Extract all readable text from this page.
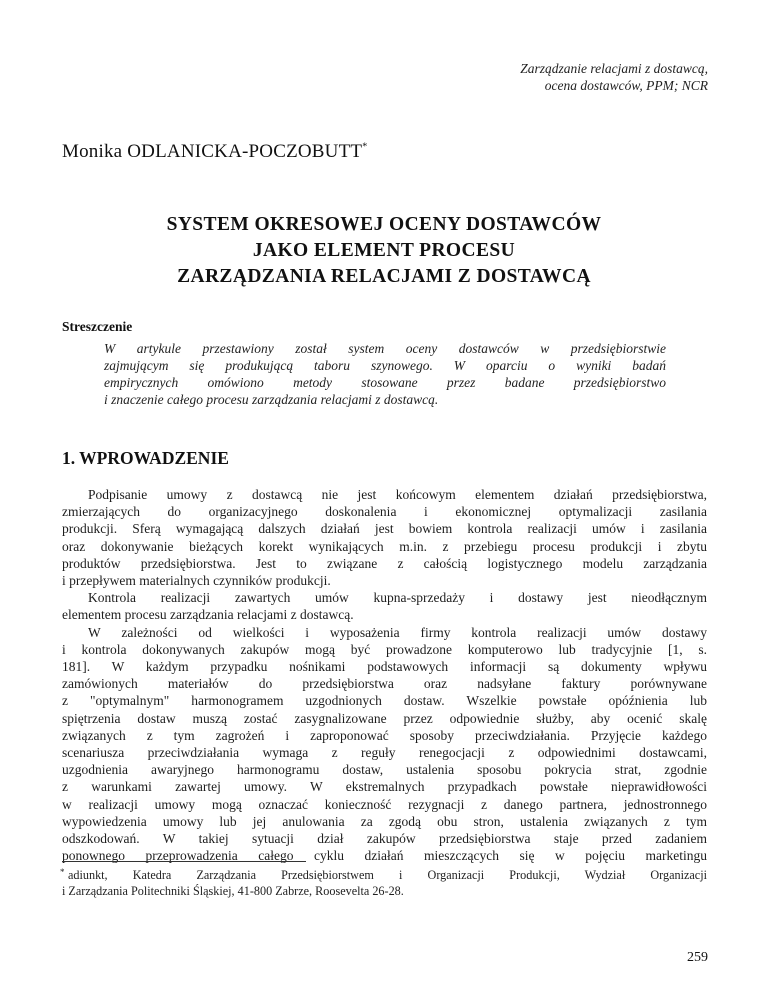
Zarządzanie relacjami z dostawcą,
ocena dostawców, PPM; NCR
Monika ODLANICKA-POCZOBUTT*
SYSTEM OKRESOWEJ OCENY DOSTAWCÓW
JAKO ELEMENT PROCESU
ZARZĄDZANIA RELACJAMI Z DOSTAWCĄ
Streszczenie
W artykule przestawiony został system oceny dostawców w przedsiębiorstwie
zajmującym się produkującą taboru szynowego. W oparciu o wyniki badań
empirycznych omówiono metody stosowane przez badane przedsiębiorstwo
i znaczenie całego procesu zarządzania relacjami z dostawcą.
1. WPROWADZENIE
Podpisanie umowy z dostawcą nie jest końcowym elementem działań przedsiębiorstwa,
zmierzających do organizacyjnego doskonalenia i ekonomicznej optymalizacji zasilania
produkcji. Sferą wymagającą dalszych działań jest bowiem kontrola realizacji umów i zasilania
oraz dokonywanie bieżących korekt wynikających m.in. z przebiegu procesu produkcji i zbytu
produktów przedsiębiorstwa. Jest to związane z całością logistycznego modelu zarządzania
i przepływem materialnych czynników produkcji.
Kontrola realizacji zawartych umów kupna-sprzedaży i dostawy jest nieodłącznym
elementem procesu zarządzania relacjami z dostawcą.
W zależności od wielkości i wyposażenia firmy kontrola realizacji umów dostawy
i kontrola dokonywanych zakupów mogą być prowadzone komputerowo lub tradycyjnie [1, s.
181]. W każdym przypadku nośnikami podstawowych informacji są dokumenty wpływu
zamówionych materiałów do przedsiębiorstwa oraz nadsyłane faktury porównywane
z "optymalnym" harmonogramem uzgodnionych dostaw. Wszelkie powstałe opóźnienia lub
spiętrzenia dostaw muszą zostać zasygnalizowane przez odpowiednie służby, aby ocenić skalę
związanych z tym zagrożeń i zaproponować sposoby przeciwdziałania. Przyjęcie każdego
scenariusza przeciwdziałania wymaga z reguły renegocjacji z odpowiednimi dostawcami,
uzgodnienia awaryjnego harmonogramu dostaw, ustalenia sposobu pokrycia strat, zgodnie
z warunkami zawartej umowy. W ekstremalnych przypadkach powstałe nieprawidłowości
w realizacji umowy mogą oznaczać konieczność rezygnacji z danego partnera, jednostronnego
wypowiedzenia umowy lub jej anulowania za zgodą obu stron, ustalenia związanych z tym
odszkodowań. W takiej sytuacji dział zakupów przedsiębiorstwa staje przed zadaniem
ponownego przeprowadzenia całego cyklu działań mieszczących się w pojęciu marketingu
* adiunkt, Katedra Zarządzania Przedsiębiorstwem i Organizacji Produkcji, Wydział Organizacji
i Zarządzania Politechniki Śląskiej, 41-800 Zabrze, Roosevelta 26-28.
259
